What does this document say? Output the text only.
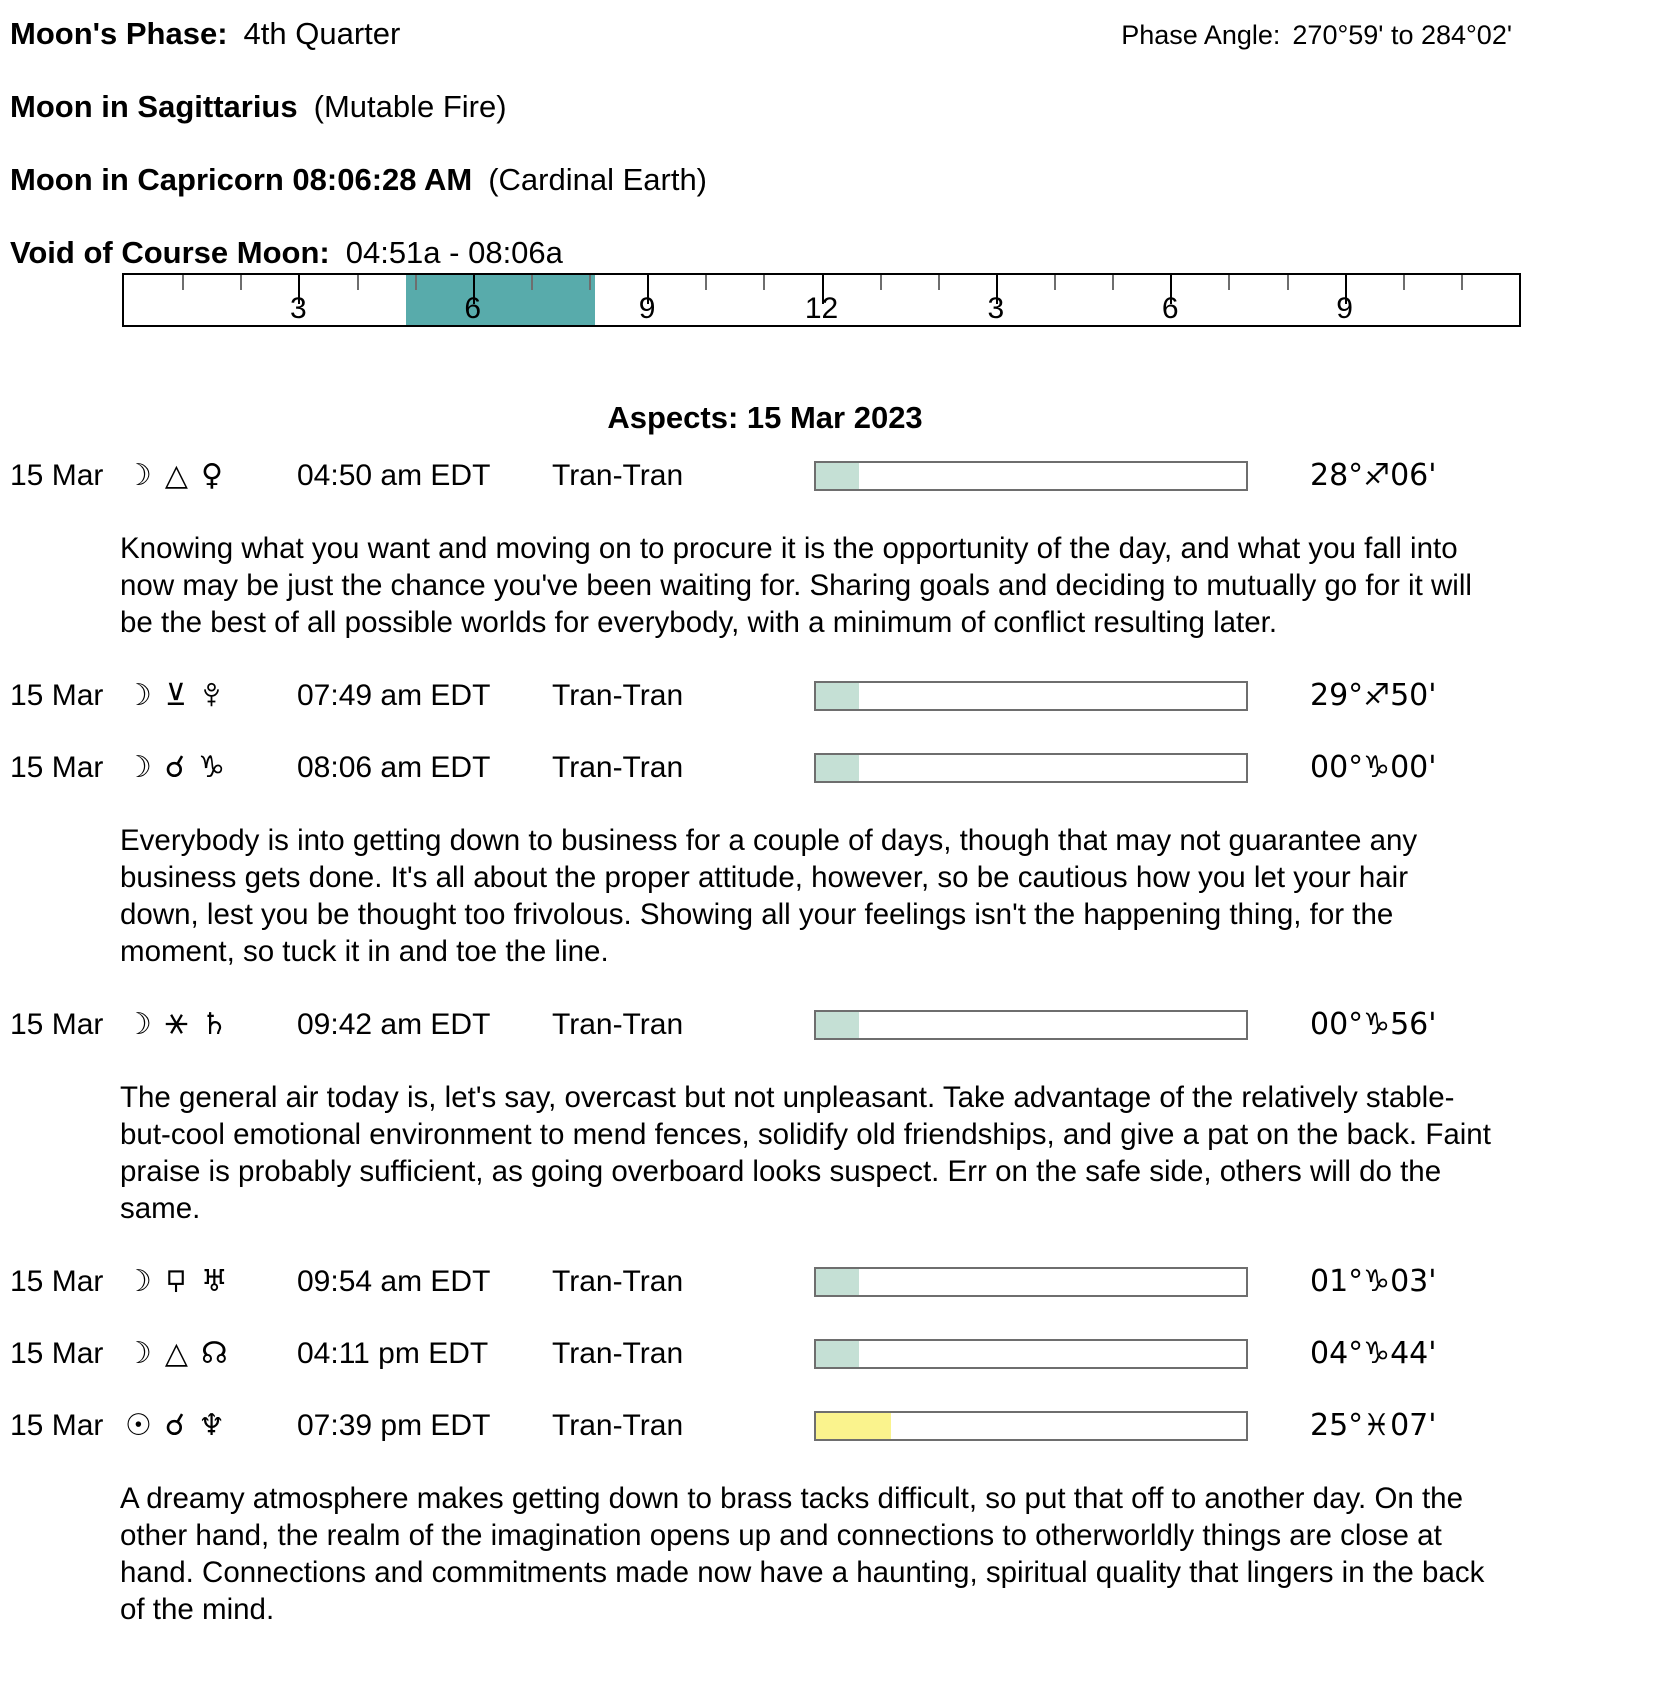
Moon's Phase: 4th Quarter	Phase Angle: 270°59' to 284°02'
Moon in Sagittarius (Mutable Fire)
Moon in Capricorn 08:06:28 AM (Cardinal Earth)
Void of Course Moon: 04:51a - 08:06a
3	6	9	12	3	6	9
Aspects: 15 Mar 2023
15 Mar ☽ △ ♀ 04:50 am EDT	Tran-Tran	28°♐06'

Knowing what you want and moving on to procure it is the opportunity of the day, and what you fall into now may be just the chance you've been waiting for. Sharing goals and deciding to mutually go for it will be the best of all possible worlds for everybody, with a minimum of conflict resulting later.

15 Mar ☽ ⊻	07:49 am EDT	Tran-Tran	29°♐50'
15 Mar ☽ ☌ ♑ 08:06 am EDT	Tran-Tran	00°♑00'

Everybody is into getting down to business for a couple of days, though that may not guarantee any business gets done. It's all about the proper attitude, however, so be cautious how you let your hair down, lest you be thought too frivolous. Showing all your feelings isn't the happening thing, for the moment, so tuck it in and toe the line.

15 Mar ☽ ♄ 09:42 am EDT	Tran-Tran	00°♑56'

The general air today is, let's say, overcast but not unpleasant. Take advantage of the relatively stable-but-cool emotional environment to mend fences, solidify old friendships, and give a pat on the back. Faint praise is probably sufficient, as going overboard looks suspect. Err on the safe side, others will do the same.

15 Mar ☽ ♅ 09:54 am EDT	Tran-Tran	01°♑03'
15 Mar ☽ △ ☊ 04:11 pm EDT	Tran-Tran	04°♑44'
15 Mar ☉ ☌ ♆ 07:39 pm EDT	Tran-Tran	25°♓07'

A dreamy atmosphere makes getting down to brass tacks difficult, so put that off to another day. On the other hand, the realm of the imagination opens up and connections to otherworldly things are close at hand. Connections and commitments made now have a haunting, spiritual quality that lingers in the back of the mind.
